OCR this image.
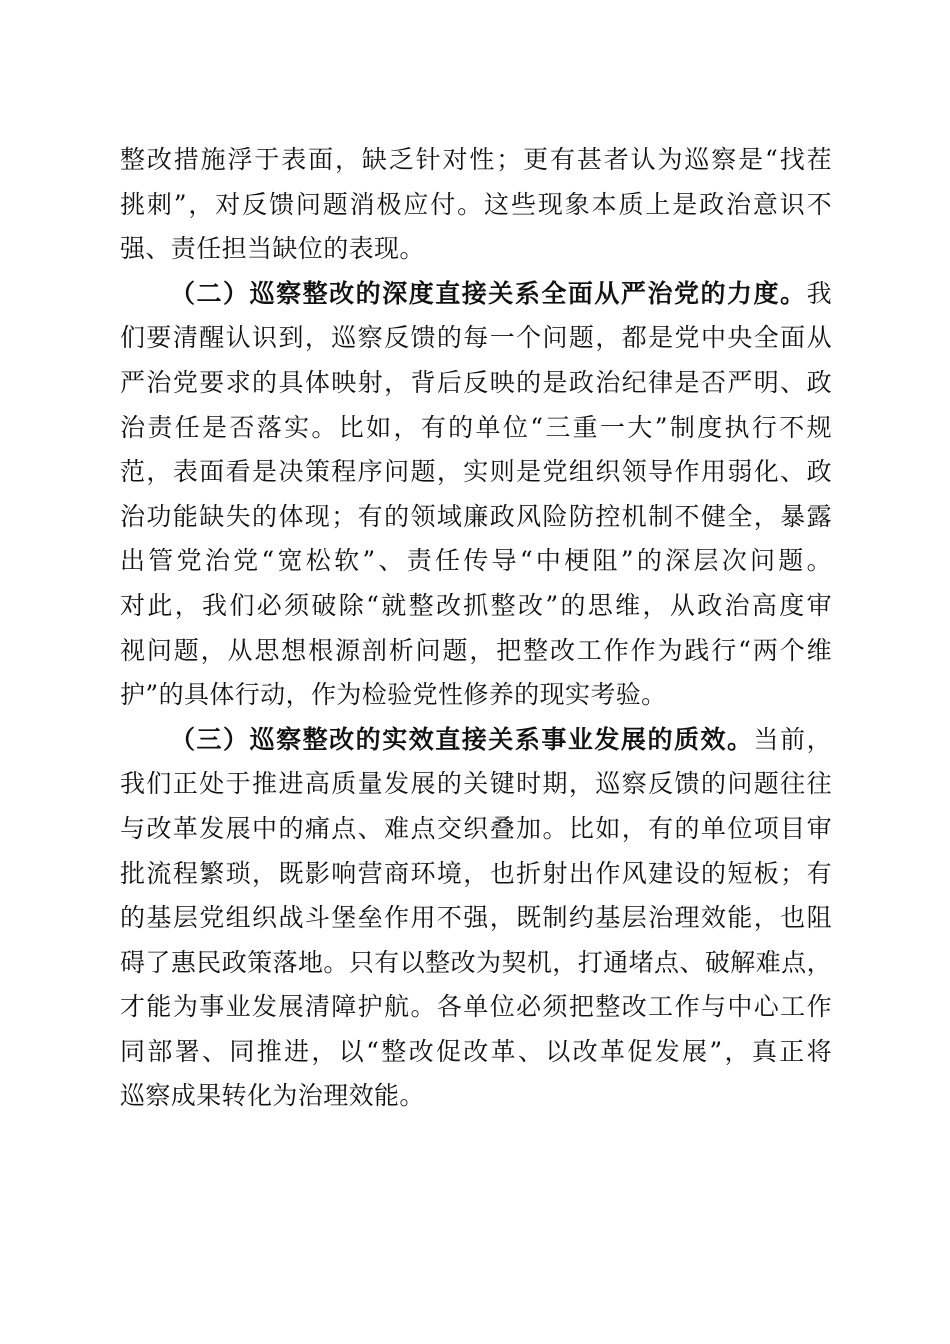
整改措施浮于表面，缺乏针对性；更有甚者认为巡察是“找茬
挑刺”，对反馈问题消极应付。这些现象本质上是政治意识不
强、责任担当缺位的表现。
（二）巡察整改的深度直接关系全面从严治党的力度。我
们要清醒认识到，巡察反馈的每一个问题，都是党中央全面从
严治党要求的具体映射，背后反映的是政治纪律是否严明、政
治责任是否落实。比如，有的单位“三重一大”制度执行不规
范，表面看是决策程序问题，实则是党组织领导作用弱化、政
治功能缺失的体现；有的领域廉政风险防控机制不健全，暴露
出管党治党“宽松软”、责任传导“中梗阻”的深层次问题。
对此，我们必须破除“就整改抓整改”的思维，从政治高度审
视问题，从思想根源剖析问题，把整改工作作为践行“两个维
护”的具体行动，作为检验党性修养的现实考验。
（三）巡察整改的实效直接关系事业发展的质效。当前，
我们正处于推进高质量发展的关键时期，巡察反馈的问题往往
与改革发展中的痛点、难点交织叠加。比如，有的单位项目审
批流程繁琐，既影响营商环境，也折射出作风建设的短板；有
的基层党组织战斗堡垒作用不强，既制约基层治理效能，也阻
碍了惠民政策落地。只有以整改为契机，打通堵点、破解难点，
才能为事业发展清障护航。各单位必须把整改工作与中心工作
同部署、同推进，以“整改促改革、以改革促发展”，真正将
巡察成果转化为治理效能。
